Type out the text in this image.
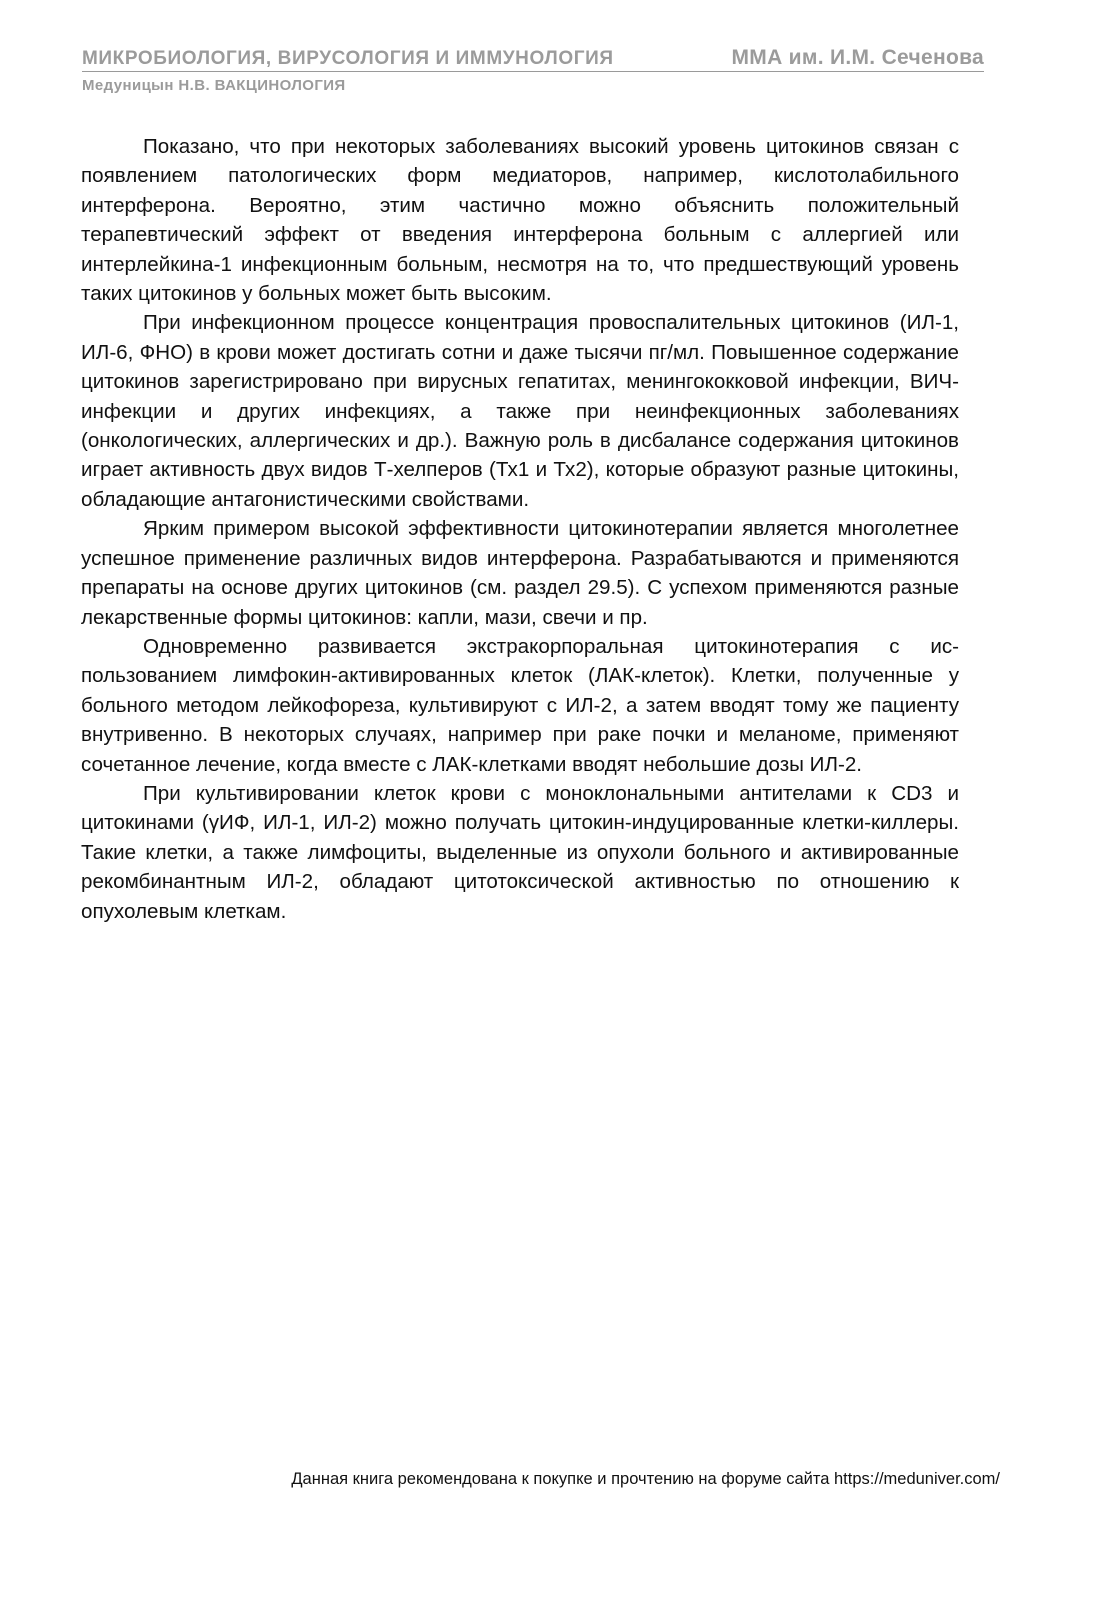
МИКРОБИОЛОГИЯ, ВИРУСОЛОГИЯ И ИММУНОЛОГИЯ	ММА им. И.М. Сеченова
Медуницын Н.В. ВАКЦИНОЛОГИЯ

Показано, что при некоторых заболеваниях высокий уровень цитокинов связан с появлением патологических форм медиаторов, например, кислотолабильного интерферона. Вероятно, этим частично можно объяснить положительный терапевтический эффект от введения интерферона больным с аллергией или интерлейкина-1 инфекционным больным, несмотря на то, что предшествующий уровень таких цитокинов у больных может быть высоким.

При инфекционном процессе концентрация провоспалительных цитокинов (ИЛ-1, ИЛ-6, ФНО) в крови может достигать сотни и даже тысячи пг/мл. Повышенное содержание цитокинов зарегистрировано при вирусных гепатитах, менингококковой инфекции, ВИЧ-инфекции и других инфекциях, а также при неинфекционных заболеваниях (онкологических, аллергических и др.). Важную роль в дисбалансе содержания цитокинов играет активность двух видов Т-хелперов (Тх1 и Тх2), которые образуют разные цитокины, обладающие антагонистическими свойствами.

Ярким примером высокой эффективности цитокинотерапии является многолетнее успешное применение различных видов интерферона. Разрабатываются и применяются препараты на основе других цитокинов (см. раздел 29.5). С успехом применяются разные лекарственные формы цитокинов: капли, мази, свечи и пр.

Одновременно развивается экстракорпоральная цитокинотерапия с использованием лимфокин-активированных клеток (ЛАК-клеток). Клетки, полученные у больного методом лейкофореза, культивируют с ИЛ-2, а затем вводят тому же пациенту внутривенно. В некоторых случаях, например при раке почки и меланоме, применяют сочетанное лечение, когда вместе с ЛАК-клетками вводят небольшие дозы ИЛ-2.

При культивировании клеток крови с моноклональными антителами к CD3 и цитокинами (γИФ, ИЛ-1, ИЛ-2) можно получать цитокин-индуцированные клетки-киллеры. Такие клетки, а также лимфоциты, выделенные из опухоли больного и активированные рекомбинантным ИЛ-2, обладают цитотоксической активностью по отношению к опухолевым клеткам.

Данная книга рекомендована к покупке и прочтению на форуме сайта https://meduniver.com/
